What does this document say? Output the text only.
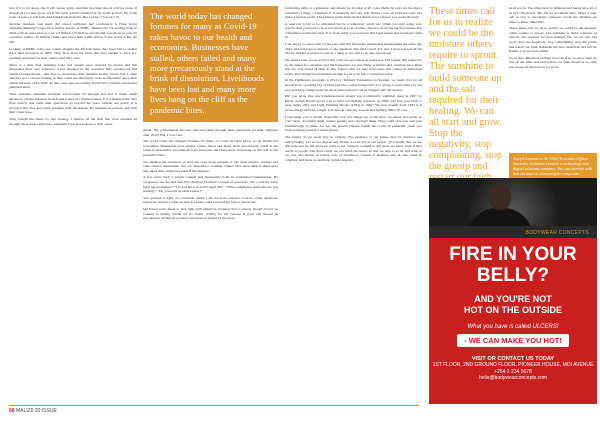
tree, if it is cut down, that it will sprout again. And that its tender shoots will not cease. If though its root may grow old in the earth, And its stump may die in the ground, Yet at the scent of water it will bud, And bring forth branches like a plant." (Job 14:7-9)

Another business case study that shows resilience and consistency is Hong Kong Shanghai Banking Corporation widely known as HSBC. Ranked the 7th leading bank in 2019 with an asset base of over 2.5 Billion US Dollars and having operations in over 65 countries, almost 40 million clients and more than 3,900 offices in the world it fits the bill.

Looking at HSBC today one cannot imagine the difficult times they have had to endure since their inception in 1865. They have from the onset that they needed to have far-reaching solutions for their clients. And they were.

There is a time their shipping route and system were targeted by pirates and this threatened their very existence. Laws changed in the countries they operated in and opium became illegal - they had to restructure their business model. World War I came and they got a serious beating as they could not effectively trade in efficiently serve their clients between 1914-1918. As they were just recovering, World War 2 landed and further punished them.

Their founders remained steadfast and hopeful all through and had to make tough decisions, change business models and reduce the troubled times. It is whispered that they have reserve that came their operations go beyond the years without any profit. It is recorded that they kept their essential staff throughout the tumultuous periods and built their client base.

They bought the future by this strategy. I believe all the stuff that were retained all through those dark tough days, remained loyal and zealous to their cause.

The world today has changed fortunes for many as Covid-19 rakes havoc to our health and economies. Businesses have stalled, others failed and many more precariously stand at the brink of dissolution. Livelihoods have been lost and many more lives hang on the cliff as the pandemic bites.

needs. The governments that saw this trust them through their operations got their vigilance after World War 2 was over.

The world today has changed fortunes for many as Covid-19 rakes havoc to our health and economies. Businesses have stalled, others failed and many more precariously stand at the brink of dissolution. Livelihoods have been lost and many more lives hang on the cliff as the pandemic bites.

We question the existence of God and even those prudent at Job, their prayers, savings and other reserve instruments that are dwindled to nothing. Others have been diligent employees and asked their employers what if this happens.

A few years back I sought counsel and mentorship from an established businessman. He accepted to see me and after introductions he asked a couple of questions. "Do you have ready legal representation?" "Do you have an active legal file?" "What compliance textbooks are you reading?" "Do you have an ideal banker?"

You guessed it right, as a business leader I did not have answers to most of his questions. Wherever answer I came up with for some could not hold my feet to sustain me.

My friend went ahead to deal light with empirical evidence that a venture should always be looking at raising capital for its future. Saving for the venture is good and should be encouraged. Selling its products and services should be the drive.

Collecting debts is a sideshow and should be avoided at all costs. Debts he says are the major downfall of many a business. It is desirable that any side should cover all business costs and make a modest profit. The balance in the bank should therefore be a figure you could discount.

A reservoir is not to be exhausted but be a temporary safety net. When you start using your reserve then you need to stop and relook at your revenue. And it is in reviewing that assures that compliance textbooks arise. It is from using your reserves that legal issues and sanctions come in.

I am happy to report that we had tea with my friend the established businessman the other day and I had some good answers to his questions this time round. For sure I have learned all the like he alluded to and now I know a thing or two that I can also pass along.

We should raise in our world today with our eyes fixed on tomorrow. The farther that tomorrow is, the better for ourselves and the businesses we run. Many scientists and creatives have ideas that are way ahead of time. It also follows that we may have ideas that cannot be harnessed today. That should be motivation enough for us to be fair to ourselves today.

In the Pathfinders program of 2012 by Tullberg Foundation in Sweden, we learnt that we all should have a parking bay of ideas just like a plane being built, it is wrong to rush when you can stop and keep taking tracks far more turns before it can be flagged onto the runway.

Did you know that electroluminescence should was accidentally stumbled upon in 1907 by Henry Joseph Round paved way to infra-red lighting research, in 1960s and this gave birth to laser lights 1961 and Light Emitting Diodes (LED) in 1962? We now benefit from LED as it saves energy and lasts longer. It is used in cameras, screens and lighting bulbs all over.

I encourage you to dream. Especially now that things are on the slow. Go ahead and polish on your ideas, document them, pursue patents and copyright them. They could save you and your breakthrough royalties. Let not the present failures engulf the Covid-19 pandemic strain you from working towards a better future.

The failure of our seeds may be evident. The evidence of our failure may be stubborn and embarrassing. Let us not despair any further. Let us rise in our prayer, give thanks that we are still here and for the good we want to see. Support a neighbor and those we know even if they are ill or poorer. The more strive we can reach the better, so that we help to as far and wide as we can. The shame of failure, loss of livelihood, closure of business and all else could be crippling and silent as death but remain hopeful.

These times call for us to realize we could be the moisture others require to sprout. The sunshine to build someone up and the salt required for their healing. We can all start and grow. Stop the negativity, stop complaining, stop the gossip and

in all we do. The times may be different and hands have all of us but collectively like Job let us remain pure. Share a joke, call or text to encourage someone, avoid the smallest are there to those vulnerable.

These times call for us to realize we could be the moisture others require to sprout. The sunshine to build someone up and the salt required for their healing. We can all start and grow. Stop the negativity, stop complaining, stop the gossip and restart our faith. Rekindle the pure intentions and fan the flames of good from within.

Good may amount to nothing now but if we do more than we can all the time and everywhere we find ourselves we may just sweep all the bad out for good.

Joseph Lumumi is the Chief Executive Officer Inoculate Solutions Limited, a technology and digital solutions company. You can interact with him via mail at: jlumumi@in-comp.com
BODYWEAR CONCEPTS
FIRE IN YOUR
BELLY?
AND YOU'RE NOT
HOT ON THE OUTSIDE
What you have is called ULCERS!
- WE CAN MAKE YOU HOT!
VISIT OR CONTACT US TODAY
1ST FLOOR, 2ND GROUND FLOOR, PIONEER HOUSE, MOI AVENUE
+254 2 234 5678
hello@bodywearconcepts.com
68 MALIZ0 20 ISSUE
